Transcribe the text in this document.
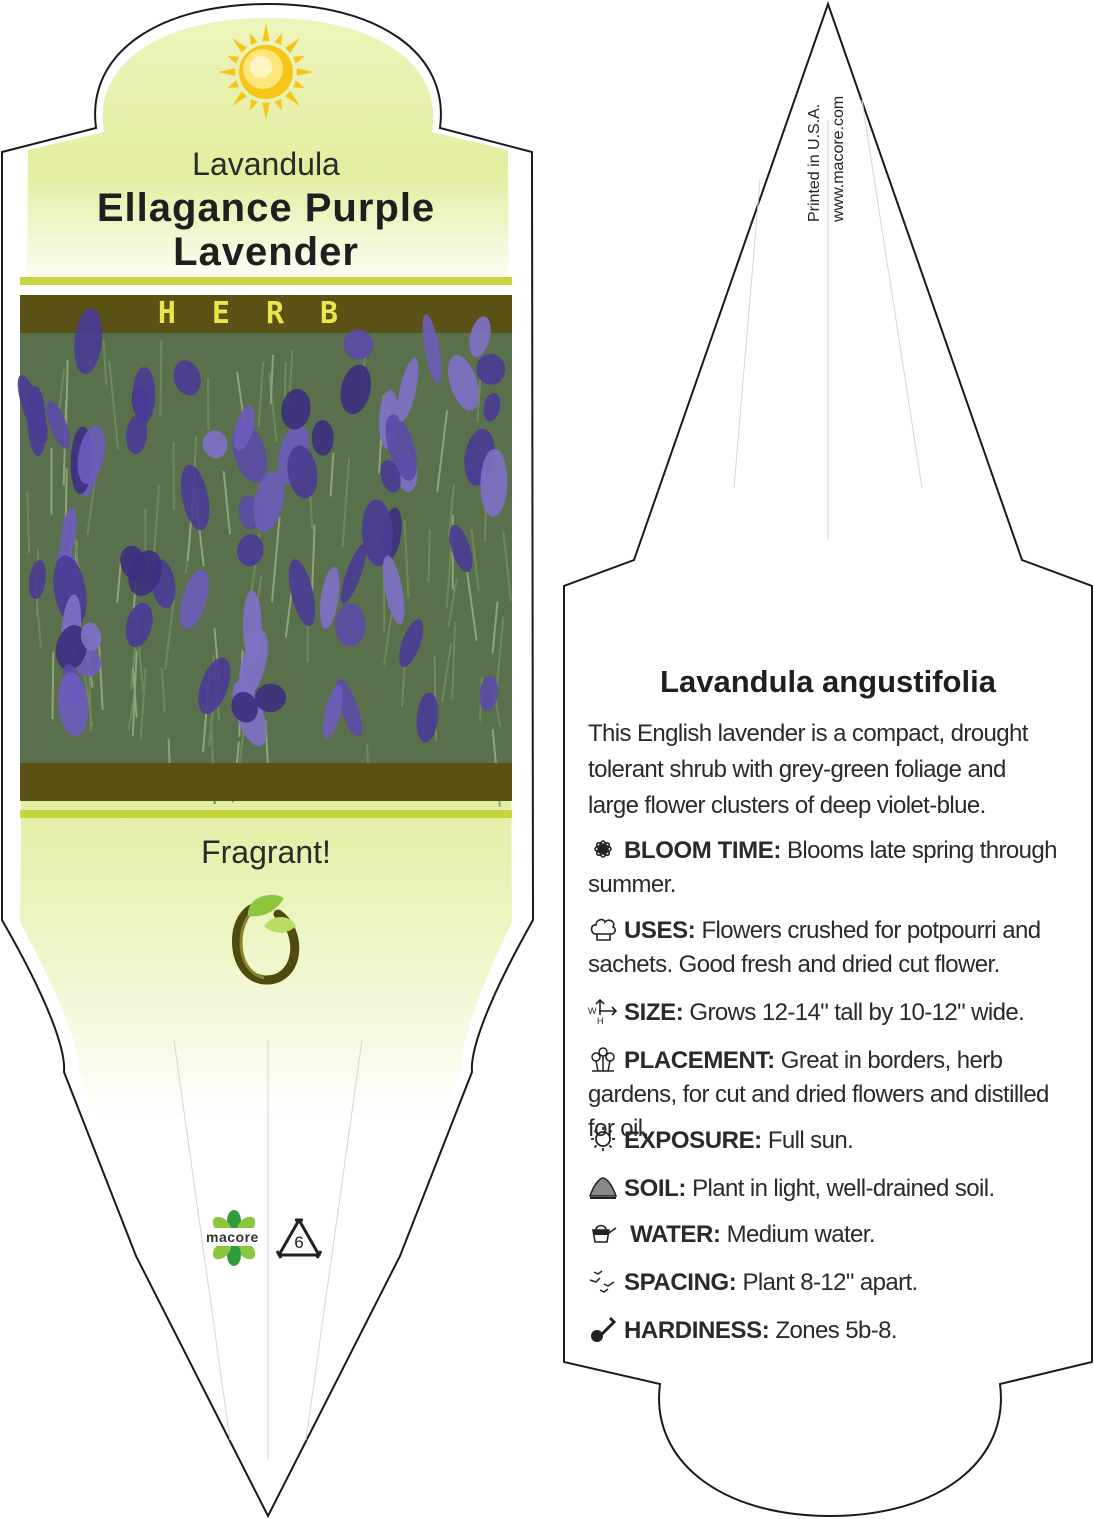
Lavandula
Ellagance Purple
Lavender
HERB
Fragrant!
macore 6
Printed in U.S.A. www.macore.com
Lavandula angustifolia
This English lavender is a compact, drought tolerant shrub with grey-green foliage and large flower clusters of deep violet-blue.
BLOOM TIME: Blooms late spring through summer.
USES: Flowers crushed for potpourri and sachets. Good fresh and dried cut flower.
W
H SIZE: Grows 12-14" tall by 10-12" wide.
PLACEMENT: Great in borders, herb gardens, for cut and dried flowers and distilled for oil.
EXPOSURE: Full sun.
SOIL: Plant in light, well-drained soil.
WATER: Medium water.
SPACING: Plant 8-12" apart.
HARDINESS: Zones 5b-8.
